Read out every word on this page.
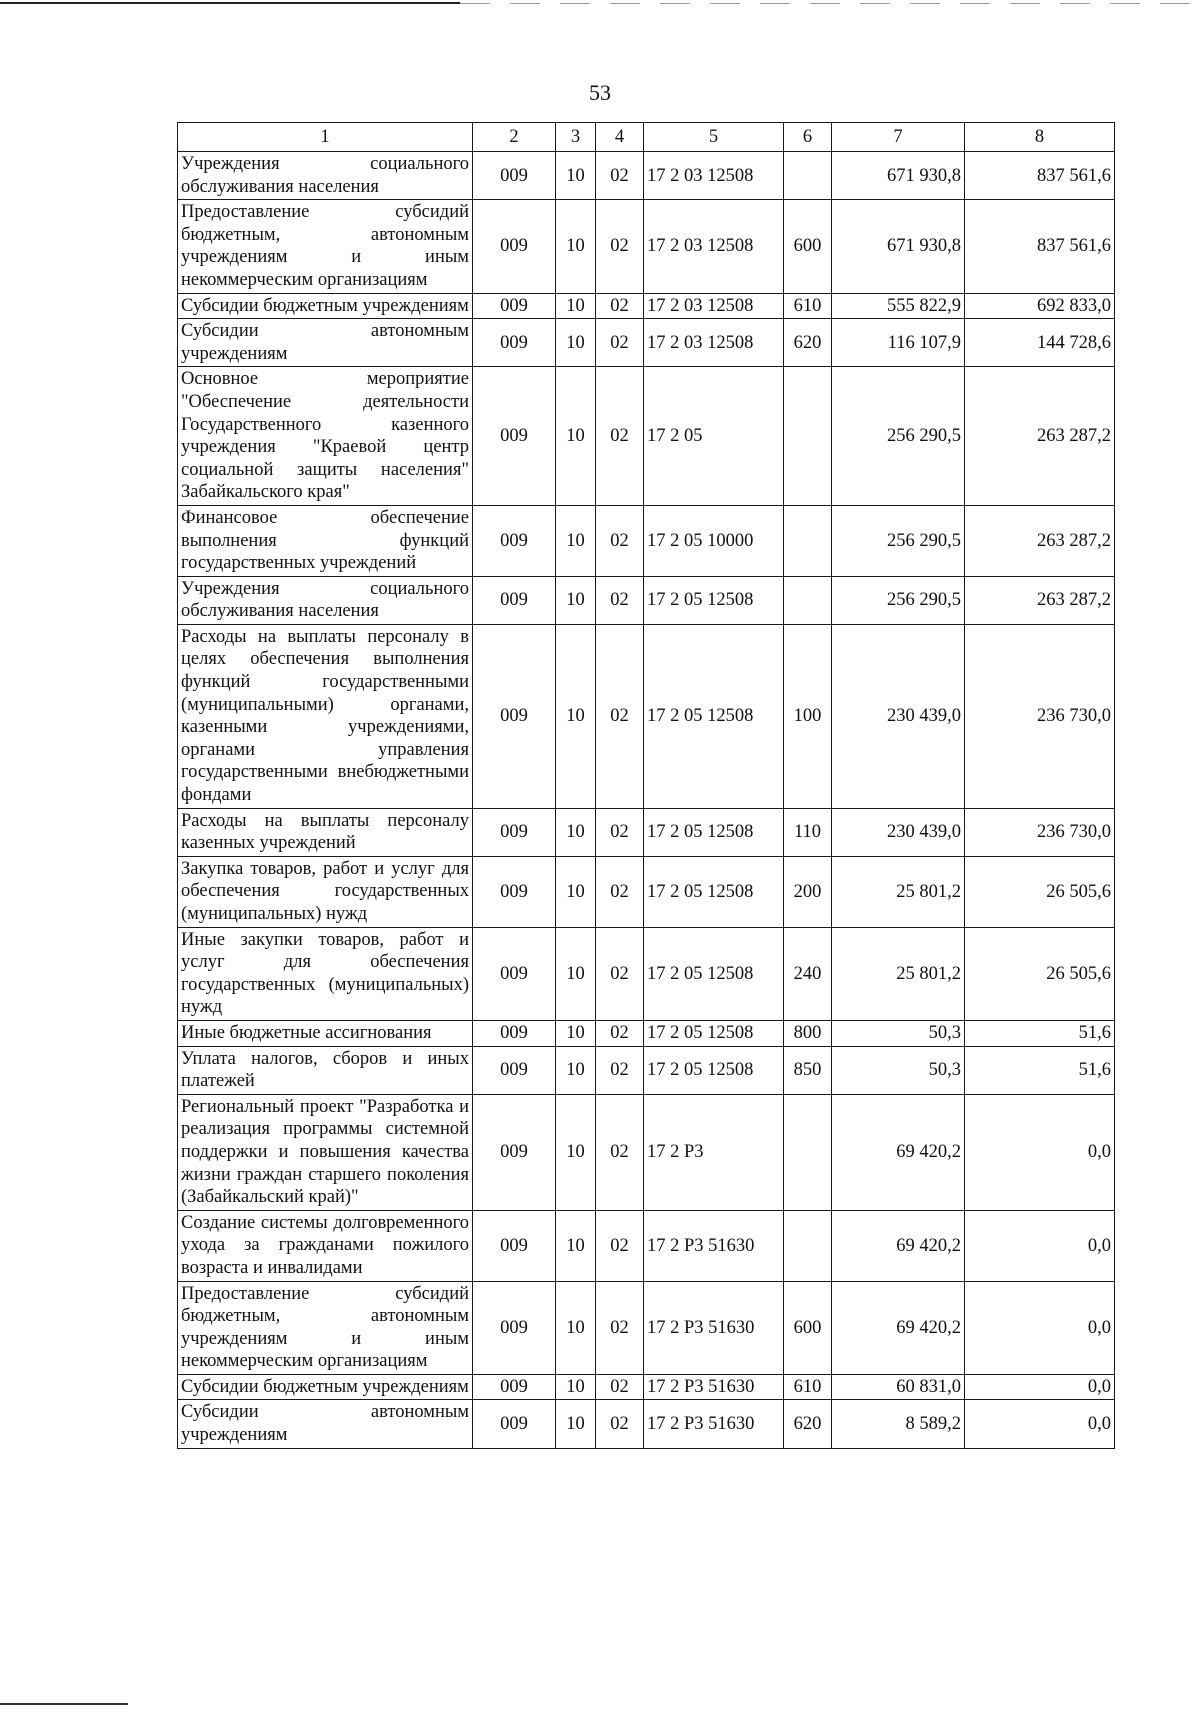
53
1	2	3	4	5	6	7	8
Учреждения социального обслуживания населения	009	10	02	17 2 03 12508		671 930,8	837 561,6
Предоставление субсидий бюджетным, автономным учреждениям и иным некоммерческим организациям	009	10	02	17 2 03 12508	600	671 930,8	837 561,6
Субсидии бюджетным учреждениям	009	10	02	17 2 03 12508	610	555 822,9	692 833,0
Субсидии автономным учреждениям	009	10	02	17 2 03 12508	620	116 107,9	144 728,6
Основное мероприятие "Обеспечение деятельности Государственного казенного учреждения "Краевой центр социальной защиты населения" Забайкальского края"	009	10	02	17 2 05		256 290,5	263 287,2
Финансовое обеспечение выполнения функций государственных учреждений	009	10	02	17 2 05 10000		256 290,5	263 287,2
Учреждения социального обслуживания населения	009	10	02	17 2 05 12508		256 290,5	263 287,2
Расходы на выплаты персоналу в целях обеспечения выполнения функций государственными (муниципальными) органами, казенными учреждениями, органами управления государственными внебюджетными фондами	009	10	02	17 2 05 12508	100	230 439,0	236 730,0
Расходы на выплаты персоналу казенных учреждений	009	10	02	17 2 05 12508	110	230 439,0	236 730,0
Закупка товаров, работ и услуг для обеспечения государственных (муниципальных) нужд	009	10	02	17 2 05 12508	200	25 801,2	26 505,6
Иные закупки товаров, работ и услуг для обеспечения государственных (муниципальных) нужд	009	10	02	17 2 05 12508	240	25 801,2	26 505,6
Иные бюджетные ассигнования	009	10	02	17 2 05 12508	800	50,3	51,6
Уплата налогов, сборов и иных платежей	009	10	02	17 2 05 12508	850	50,3	51,6
Региональный проект "Разработка и реализация программы системной поддержки и повышения качества жизни граждан старшего поколения (Забайкальский край)"	009	10	02	17 2 Р3		69 420,2	0,0
Создание системы долговременного ухода за гражданами пожилого возраста и инвалидами	009	10	02	17 2 Р3 51630		69 420,2	0,0
Предоставление субсидий бюджетным, автономным учреждениям и иным некоммерческим организациям	009	10	02	17 2 Р3 51630	600	69 420,2	0,0
Субсидии бюджетным учреждениям	009	10	02	17 2 Р3 51630	610	60 831,0	0,0
Субсидии автономным учреждениям	009	10	02	17 2 Р3 51630	620	8 589,2	0,0
